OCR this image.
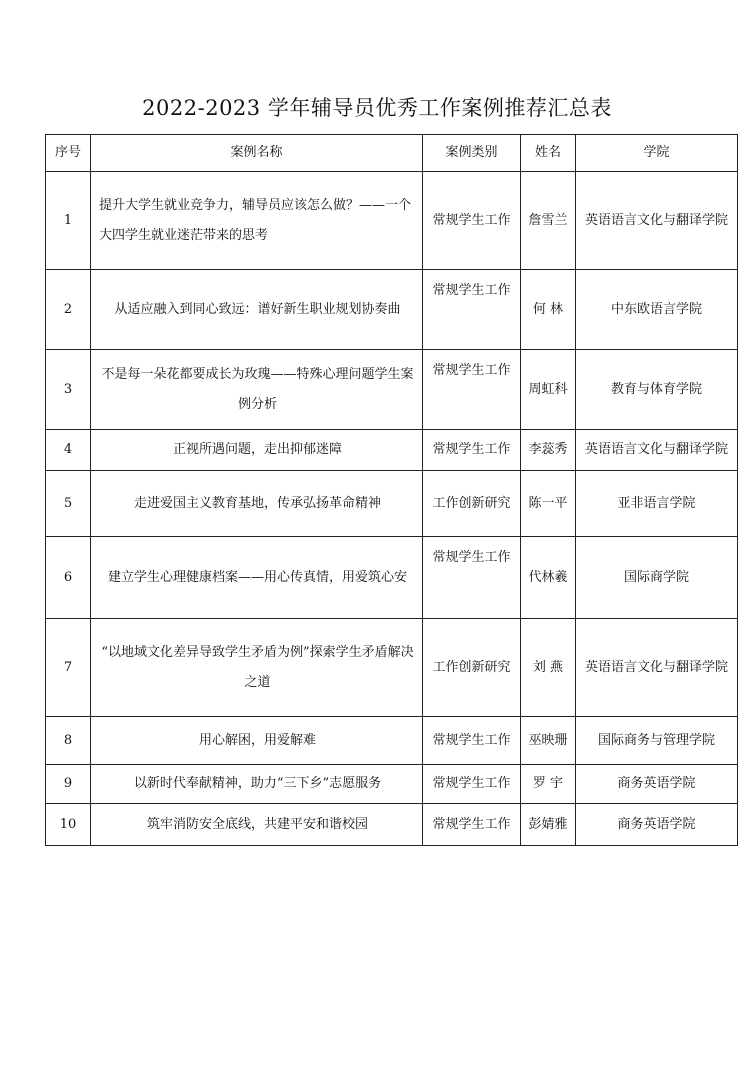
2022-2023 学年辅导员优秀工作案例推荐汇总表
序号	案例名称	案例类别	姓名	学院
1	提升大学生就业竞争力，辅导员应该怎么做？——一个大四学生就业迷茫带来的思考	常规学生工作	詹雪兰	英语语言文化与翻译学院
2	从适应融入到同心致远：谱好新生职业规划协奏曲	常规学生工作	何 林	中东欧语言学院
3	不是每一朵花都要成长为玫瑰——特殊心理问题学生案例分析	常规学生工作	周虹科	教育与体育学院
4	正视所遇问题，走出抑郁迷障	常规学生工作	李蕊秀	英语语言文化与翻译学院
5	走进爱国主义教育基地，传承弘扬革命精神	工作创新研究	陈一平	亚非语言学院
6	建立学生心理健康档案——用心传真情，用爱筑心安	常规学生工作	代林羲	国际商学院
7	“以地域文化差异导致学生矛盾为例”探索学生矛盾解决之道	工作创新研究	刘 燕	英语语言文化与翻译学院
8	用心解困，用爱解难	常规学生工作	巫映珊	国际商务与管理学院
9	以新时代奉献精神，助力“三下乡”志愿服务	常规学生工作	罗 宇	商务英语学院
10	筑牢消防安全底线，共建平安和谐校园	常规学生工作	彭婧雅	商务英语学院
